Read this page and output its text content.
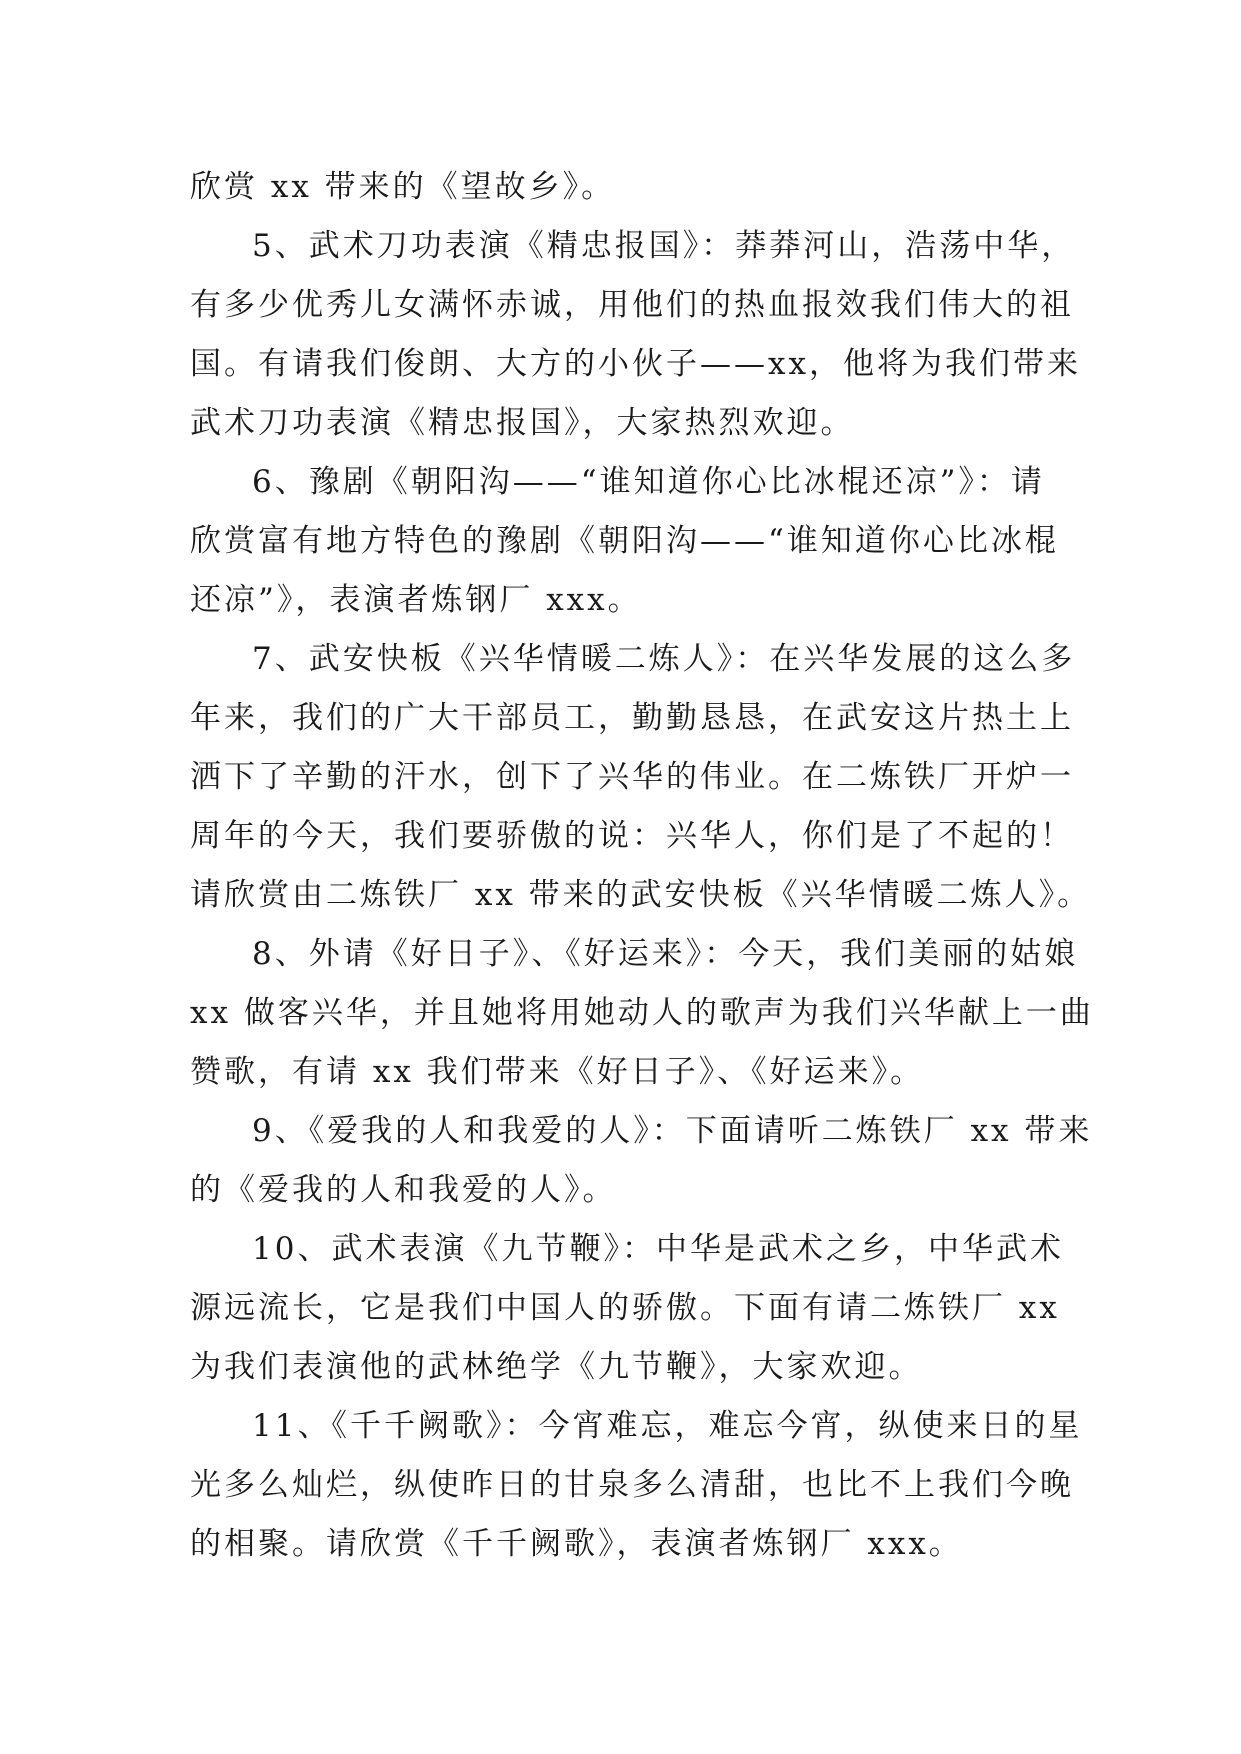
欣赏 xx 带来的《望故乡》。
5、武术刀功表演《精忠报国》：莽莽河山，浩荡中华，
有多少优秀儿女满怀赤诚，用他们的热血报效我们伟大的祖
国。有请我们俊朗、大方的小伙子——xx，他将为我们带来
武术刀功表演《精忠报国》，大家热烈欢迎。
6、豫剧《朝阳沟——“谁知道你心比冰棍还凉”》：请
欣赏富有地方特色的豫剧《朝阳沟——“谁知道你心比冰棍
还凉”》，表演者炼钢厂 xxx。
7、武安快板《兴华情暖二炼人》：在兴华发展的这么多
年来，我们的广大干部员工，勤勤恳恳，在武安这片热土上
洒下了辛勤的汗水，创下了兴华的伟业。在二炼铁厂开炉一
周年的今天，我们要骄傲的说：兴华人，你们是了不起的！
请欣赏由二炼铁厂 xx 带来的武安快板《兴华情暖二炼人》。
8、外请《好日子》、《好运来》：今天，我们美丽的姑娘
xx 做客兴华，并且她将用她动人的歌声为我们兴华献上一曲
赞歌，有请 xx 我们带来《好日子》、《好运来》。
9、《爱我的人和我爱的人》：下面请听二炼铁厂 xx 带来
的《爱我的人和我爱的人》。
10、武术表演《九节鞭》：中华是武术之乡，中华武术
源远流长，它是我们中国人的骄傲。下面有请二炼铁厂 xx
为我们表演他的武林绝学《九节鞭》，大家欢迎。
11、《千千阙歌》：今宵难忘，难忘今宵，纵使来日的星
光多么灿烂，纵使昨日的甘泉多么清甜，也比不上我们今晚
的相聚。请欣赏《千千阙歌》，表演者炼钢厂 xxx。
